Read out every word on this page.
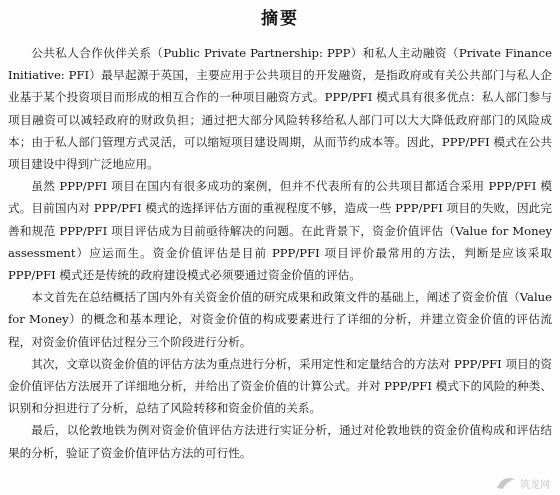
摘要

公共私人合作伙伴关系（Public Private Partnership: PPP）和私人主动融资（Private Finance Initiative: PFI）最早起源于英国，主要应用于公共项目的开发融资，是指政府或有关公共部门与私人企业基于某个投资项目而形成的相互合作的一种项目融资方式。PPP/PFI 模式具有很多优点：私人部门参与项目融资可以减轻政府的财政负担；通过把大部分风险转移给私人部门可以大大降低政府部门的风险成本；由于私人部门管理方式灵活，可以缩短项目建设周期，从而节约成本等。因此，PPP/PFI 模式在公共项目建设中得到广泛地应用。

虽然 PPP/PFI 项目在国内有很多成功的案例，但并不代表所有的公共项目都适合采用 PPP/PFI 模式。目前国内对 PPP/PFI 模式的选择评估方面的重视程度不够，造成一些 PPP/PFI 项目的失败，因此完善和规范 PPP/PFI 项目评估成为目前亟待解决的问题。在此背景下，资金价值评估（Value for Money assessment）应运而生。资金价值评估是目前 PPP/PFI 项目评价最常用的方法，判断是应该采取 PPP/PFI 模式还是传统的政府建设模式必须要通过资金价值的评估。

本文首先在总结概括了国内外有关资金价值的研究成果和政策文件的基础上，阐述了资金价值（Value for Money）的概念和基本理论，对资金价值的构成要素进行了详细的分析，并建立资金价值的评估流程，对资金价值评估过程分三个阶段进行分析。

其次，文章以资金价值的评估方法为重点进行分析，采用定性和定量结合的方法对 PPP/PFI 项目的资金价值评估方法展开了详细地分析，并给出了资金价值的计算公式。并对 PPP/PFI 模式下的风险的种类、识别和分担进行了分析，总结了风险转移和资金价值的关系。

最后，以伦敦地铁为例对资金价值评估方法进行实证分析，通过对伦敦地铁的资金价值构成和评估结果的分析，验证了资金价值评估方法的可行性。

筑龙网
